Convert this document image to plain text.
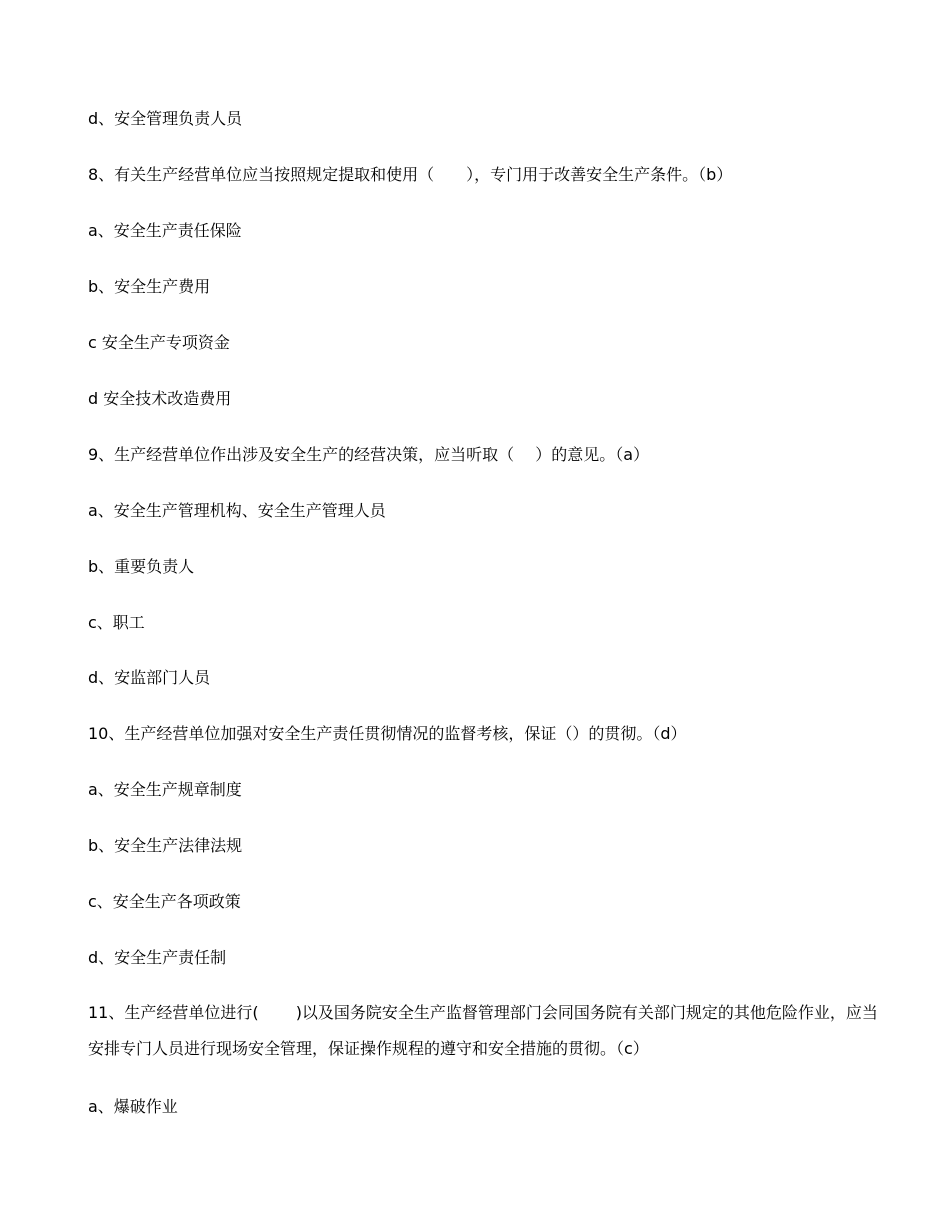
d、安全管理负责人员
8、有关生产经营单位应当按照规定提取和使用（　　），专门用于改善安全生产条件。（b）
a、安全生产责任保险
b、安全生产费用
c 安全生产专项资金
d 安全技术改造费用
9、生产经营单位作出涉及安全生产的经营决策，应当听取（　 ）的意见。（a）
a、安全生产管理机构、安全生产管理人员
b、重要负责人
c、职工
d、安监部门人员
10、生产经营单位加强对安全生产责任贯彻情况的监督考核，保证（）的贯彻。（d）
a、安全生产规章制度
b、安全生产法律法规
c、安全生产各项政策
d、安全生产责任制
11、生产经营单位进行(　　 )以及国务院安全生产监督管理部门会同国务院有关部门规定的其他危险作业，应当安排专门人员进行现场安全管理，保证操作规程的遵守和安全措施的贯彻。（c）
a、爆破作业
